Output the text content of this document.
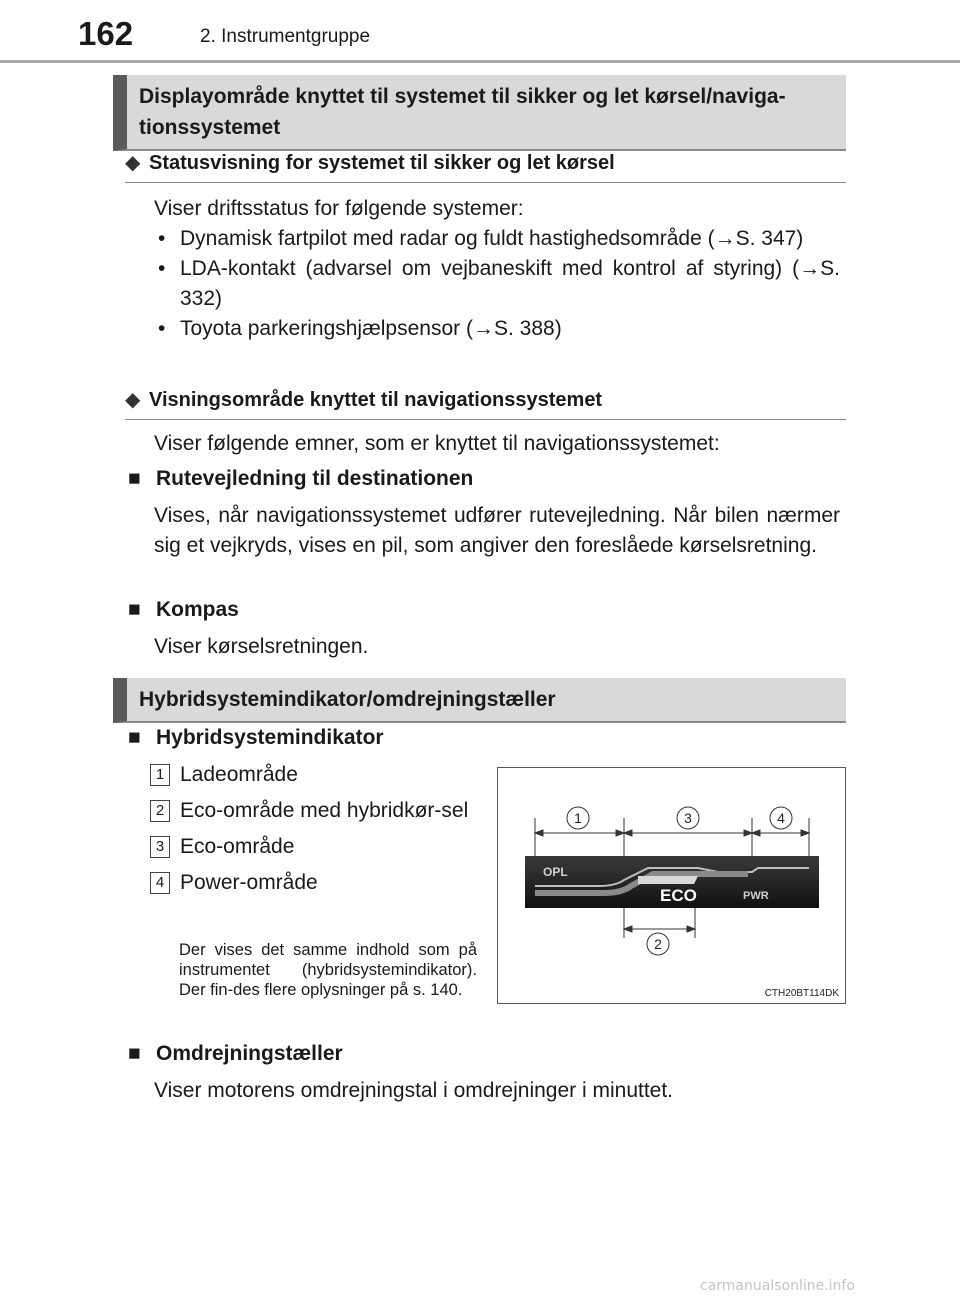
162	2. Instrumentgruppe
Displayområde knyttet til systemet til sikker og let kørsel/naviga-
tionssystemet
◆ Statusvisning for systemet til sikker og let kørsel
Viser driftsstatus for følgende systemer:
• Dynamisk fartpilot med radar og fuldt hastighedsområde (→S. 347)
• LDA-kontakt (advarsel om vejbaneskift med kontrol af styring) (→S. 332)
• Toyota parkeringshjælpsensor (→S. 388)
◆ Visningsområde knyttet til navigationssystemet
Viser følgende emner, som er knyttet til navigationssystemet:
■ Rutevejledning til destinationen
Vises, når navigationssystemet udfører rutevejledning. Når bilen nærmer sig et vejkryds, vises en pil, som angiver den foreslåede kørselsretning.
■ Kompas
Viser kørselsretningen.
Hybridsystemindikator/omdrejningstæller
■ Hybridsystemindikator
1 Ladeområde
2 Eco-område med hybridkør-sel
3 Eco-område
4 Power-område
Der vises det samme indhold som på instrumentet (hybridsystemindikator). Der fin-des flere oplysninger på s. 140.
1	3	4
2
OPL
ECO	PWR
CTH20BT114DK
■ Omdrejningstæller
Viser motorens omdrejningstal i omdrejninger i minuttet.
carmanualsonline.info
